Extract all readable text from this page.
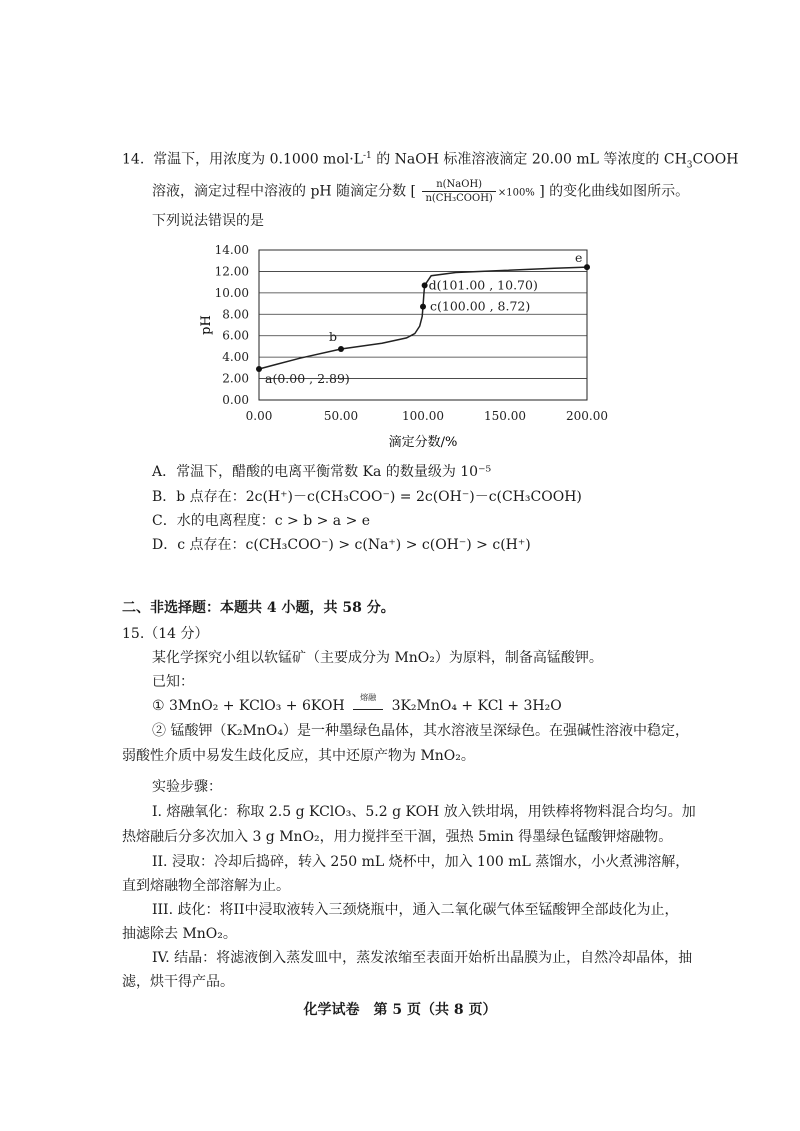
14. 常温下，用浓度为 0.1000 $mol\cdot L^{-1}$ 的 NaOH 标准溶液滴定 20.00 mL 等浓度的 $CH_3COOH$
溶液，滴定过程中溶液的 pH 随滴定分数 [ $\frac{\text{n(NaOH)}}{\text{n(CH₃COOH)}} \times 100\%$ ] 的变化曲线如图所示。
下列说法错误的是
0.00
2.00
4.00
6.00
8.00
10.00
12.00
14.00
0.00	50.00	100.00	150.00	200.00
a(0.00 , 2.89)
b
c(100.00 , 8.72)
d(101.00 , 10.70)
e
pH
滴定分数/%
A．常温下，醋酸的电离平衡常数 Ka 的数量级为 10⁻⁵
B．b 点存在：2c(H⁺)－c(CH₃COO⁻) = 2c(OH⁻)－c(CH₃COOH)
C．水的电离程度：c > b > a > e
D．c 点存在：c(CH₃COO⁻) > c(Na⁺) > c(OH⁻) > c(H⁺)
二、非选择题：本题共 4 小题，共 58 分。
15.（14 分）
某化学探究小组以软锰矿（主要成分为 MnO₂）为原料，制备高锰酸钾。
已知：
① 3MnO₂ + KClO₃ + 6KOH
熔融
3K₂MnO₄ + KCl + 3H₂O
② 锰酸钾（K₂MnO₄）是一种墨绿色晶体，其水溶液呈深绿色。在强碱性溶液中稳定，
弱酸性介质中易发生歧化反应，其中还原产物为 MnO₂。
实验步骤：
I. 熔融氧化：称取 2.5 g KClO₃、5.2 g KOH 放入铁坩埚，用铁棒将物料混合均匀。加
热熔融后分多次加入 3 g MnO₂，用力搅拌至干涸，强热 5min 得墨绿色锰酸钾熔融物。
II. 浸取：冷却后捣碎，转入 250 mL 烧杯中，加入 100 mL 蒸馏水，小火煮沸溶解，
直到熔融物全部溶解为止。
III. 歧化：将II中浸取液转入三颈烧瓶中，通入二氧化碳气体至锰酸钾全部歧化为止，
抽滤除去 MnO₂。
IV. 结晶：将滤液倒入蒸发皿中，蒸发浓缩至表面开始析出晶膜为止，自然冷却晶体，抽
滤，烘干得产品。
化学试卷　第 5 页（共 8 页）
